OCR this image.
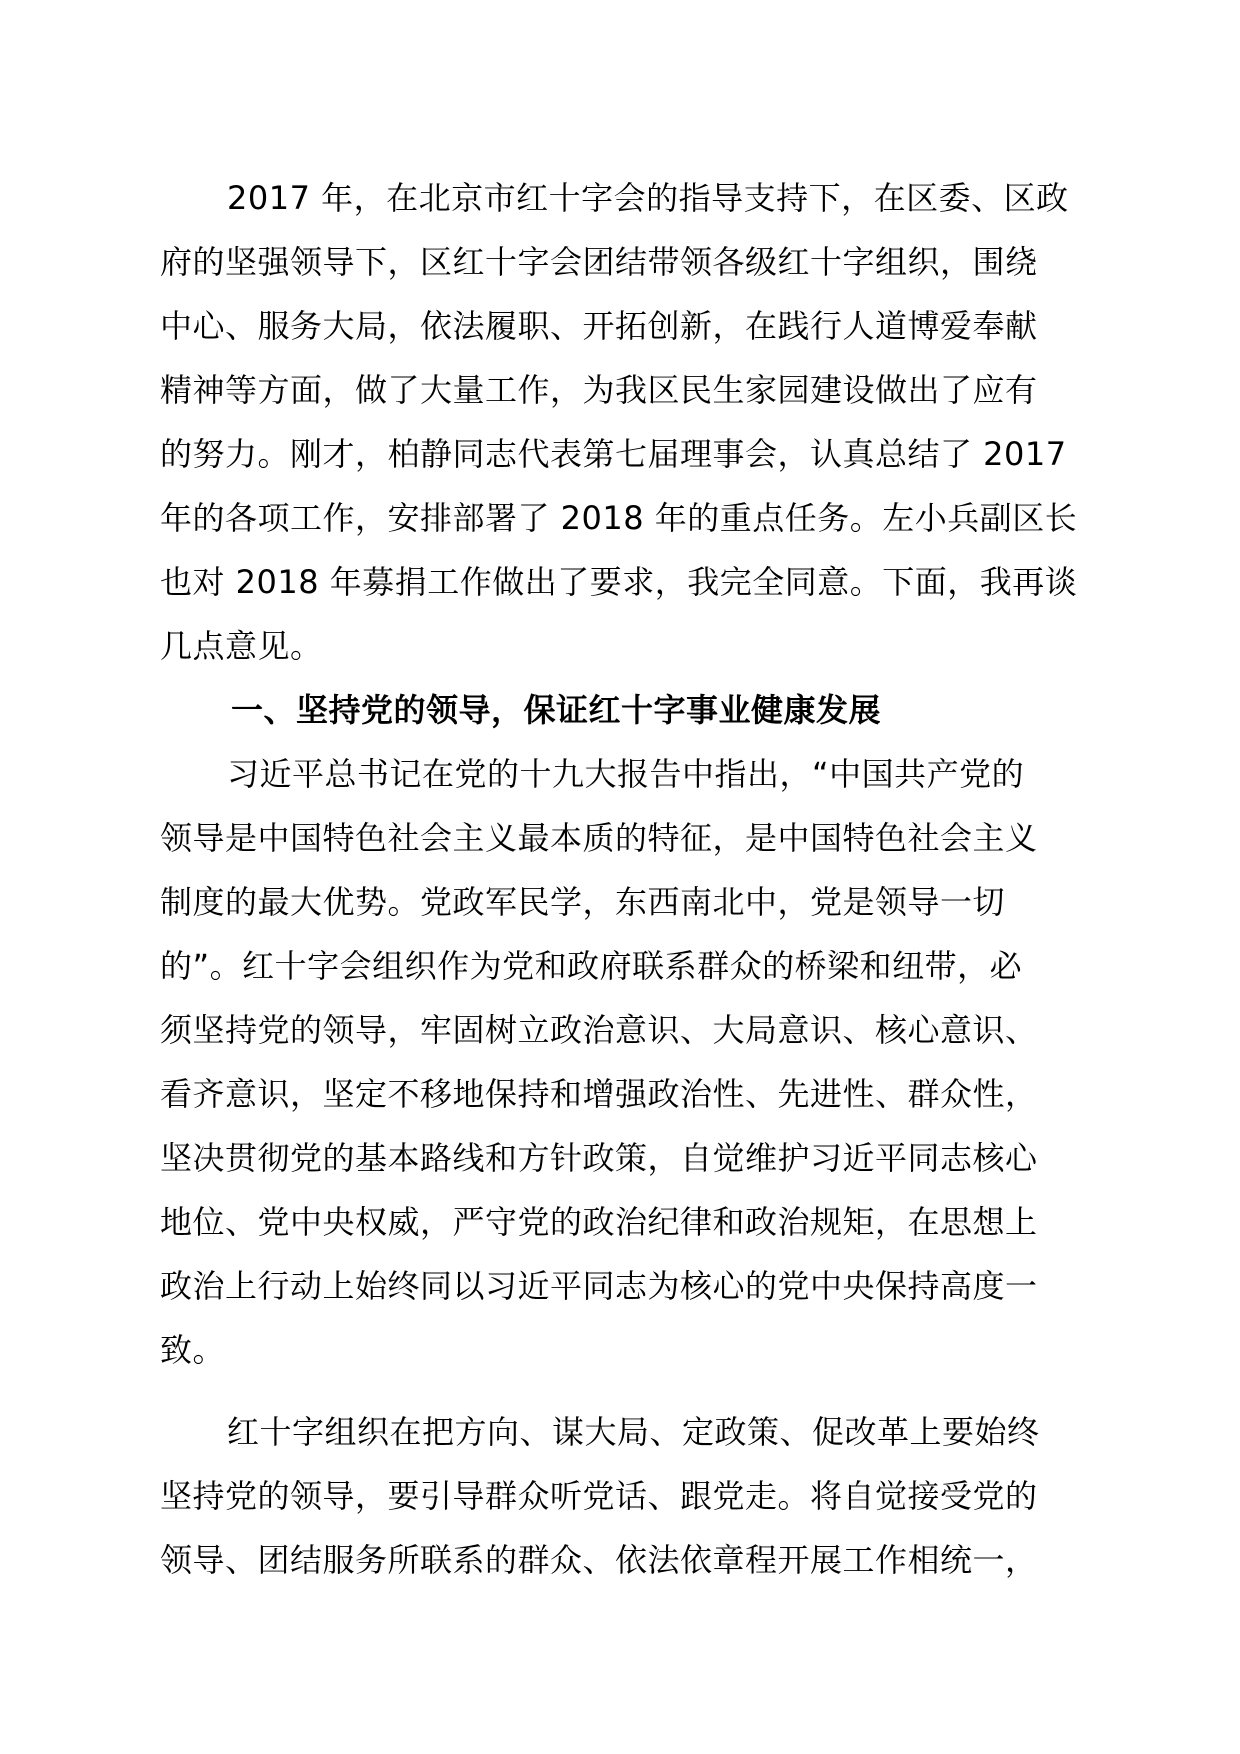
2017 年，在北京市红十字会的指导支持下，在区委、区政
府的坚强领导下，区红十字会团结带领各级红十字组织，围绕
中心、服务大局，依法履职、开拓创新，在践行人道博爱奉献
精神等方面，做了大量工作，为我区民生家园建设做出了应有
的努力。刚才，柏静同志代表第七届理事会，认真总结了 2017
年的各项工作，安排部署了 2018 年的重点任务。左小兵副区长
也对 2018 年募捐工作做出了要求，我完全同意。下面，我再谈
几点意见。
一、坚持党的领导，保证红十字事业健康发展
习近平总书记在党的十九大报告中指出，“中国共产党的
领导是中国特色社会主义最本质的特征，是中国特色社会主义
制度的最大优势。党政军民学，东西南北中，党是领导一切
的”。红十字会组织作为党和政府联系群众的桥梁和纽带，必
须坚持党的领导，牢固树立政治意识、大局意识、核心意识、
看齐意识，坚定不移地保持和增强政治性、先进性、群众性，
坚决贯彻党的基本路线和方针政策，自觉维护习近平同志核心
地位、党中央权威，严守党的政治纪律和政治规矩，在思想上
政治上行动上始终同以习近平同志为核心的党中央保持高度一
致。
红十字组织在把方向、谋大局、定政策、促改革上要始终
坚持党的领导，要引导群众听党话、跟党走。将自觉接受党的
领导、团结服务所联系的群众、依法依章程开展工作相统一，
